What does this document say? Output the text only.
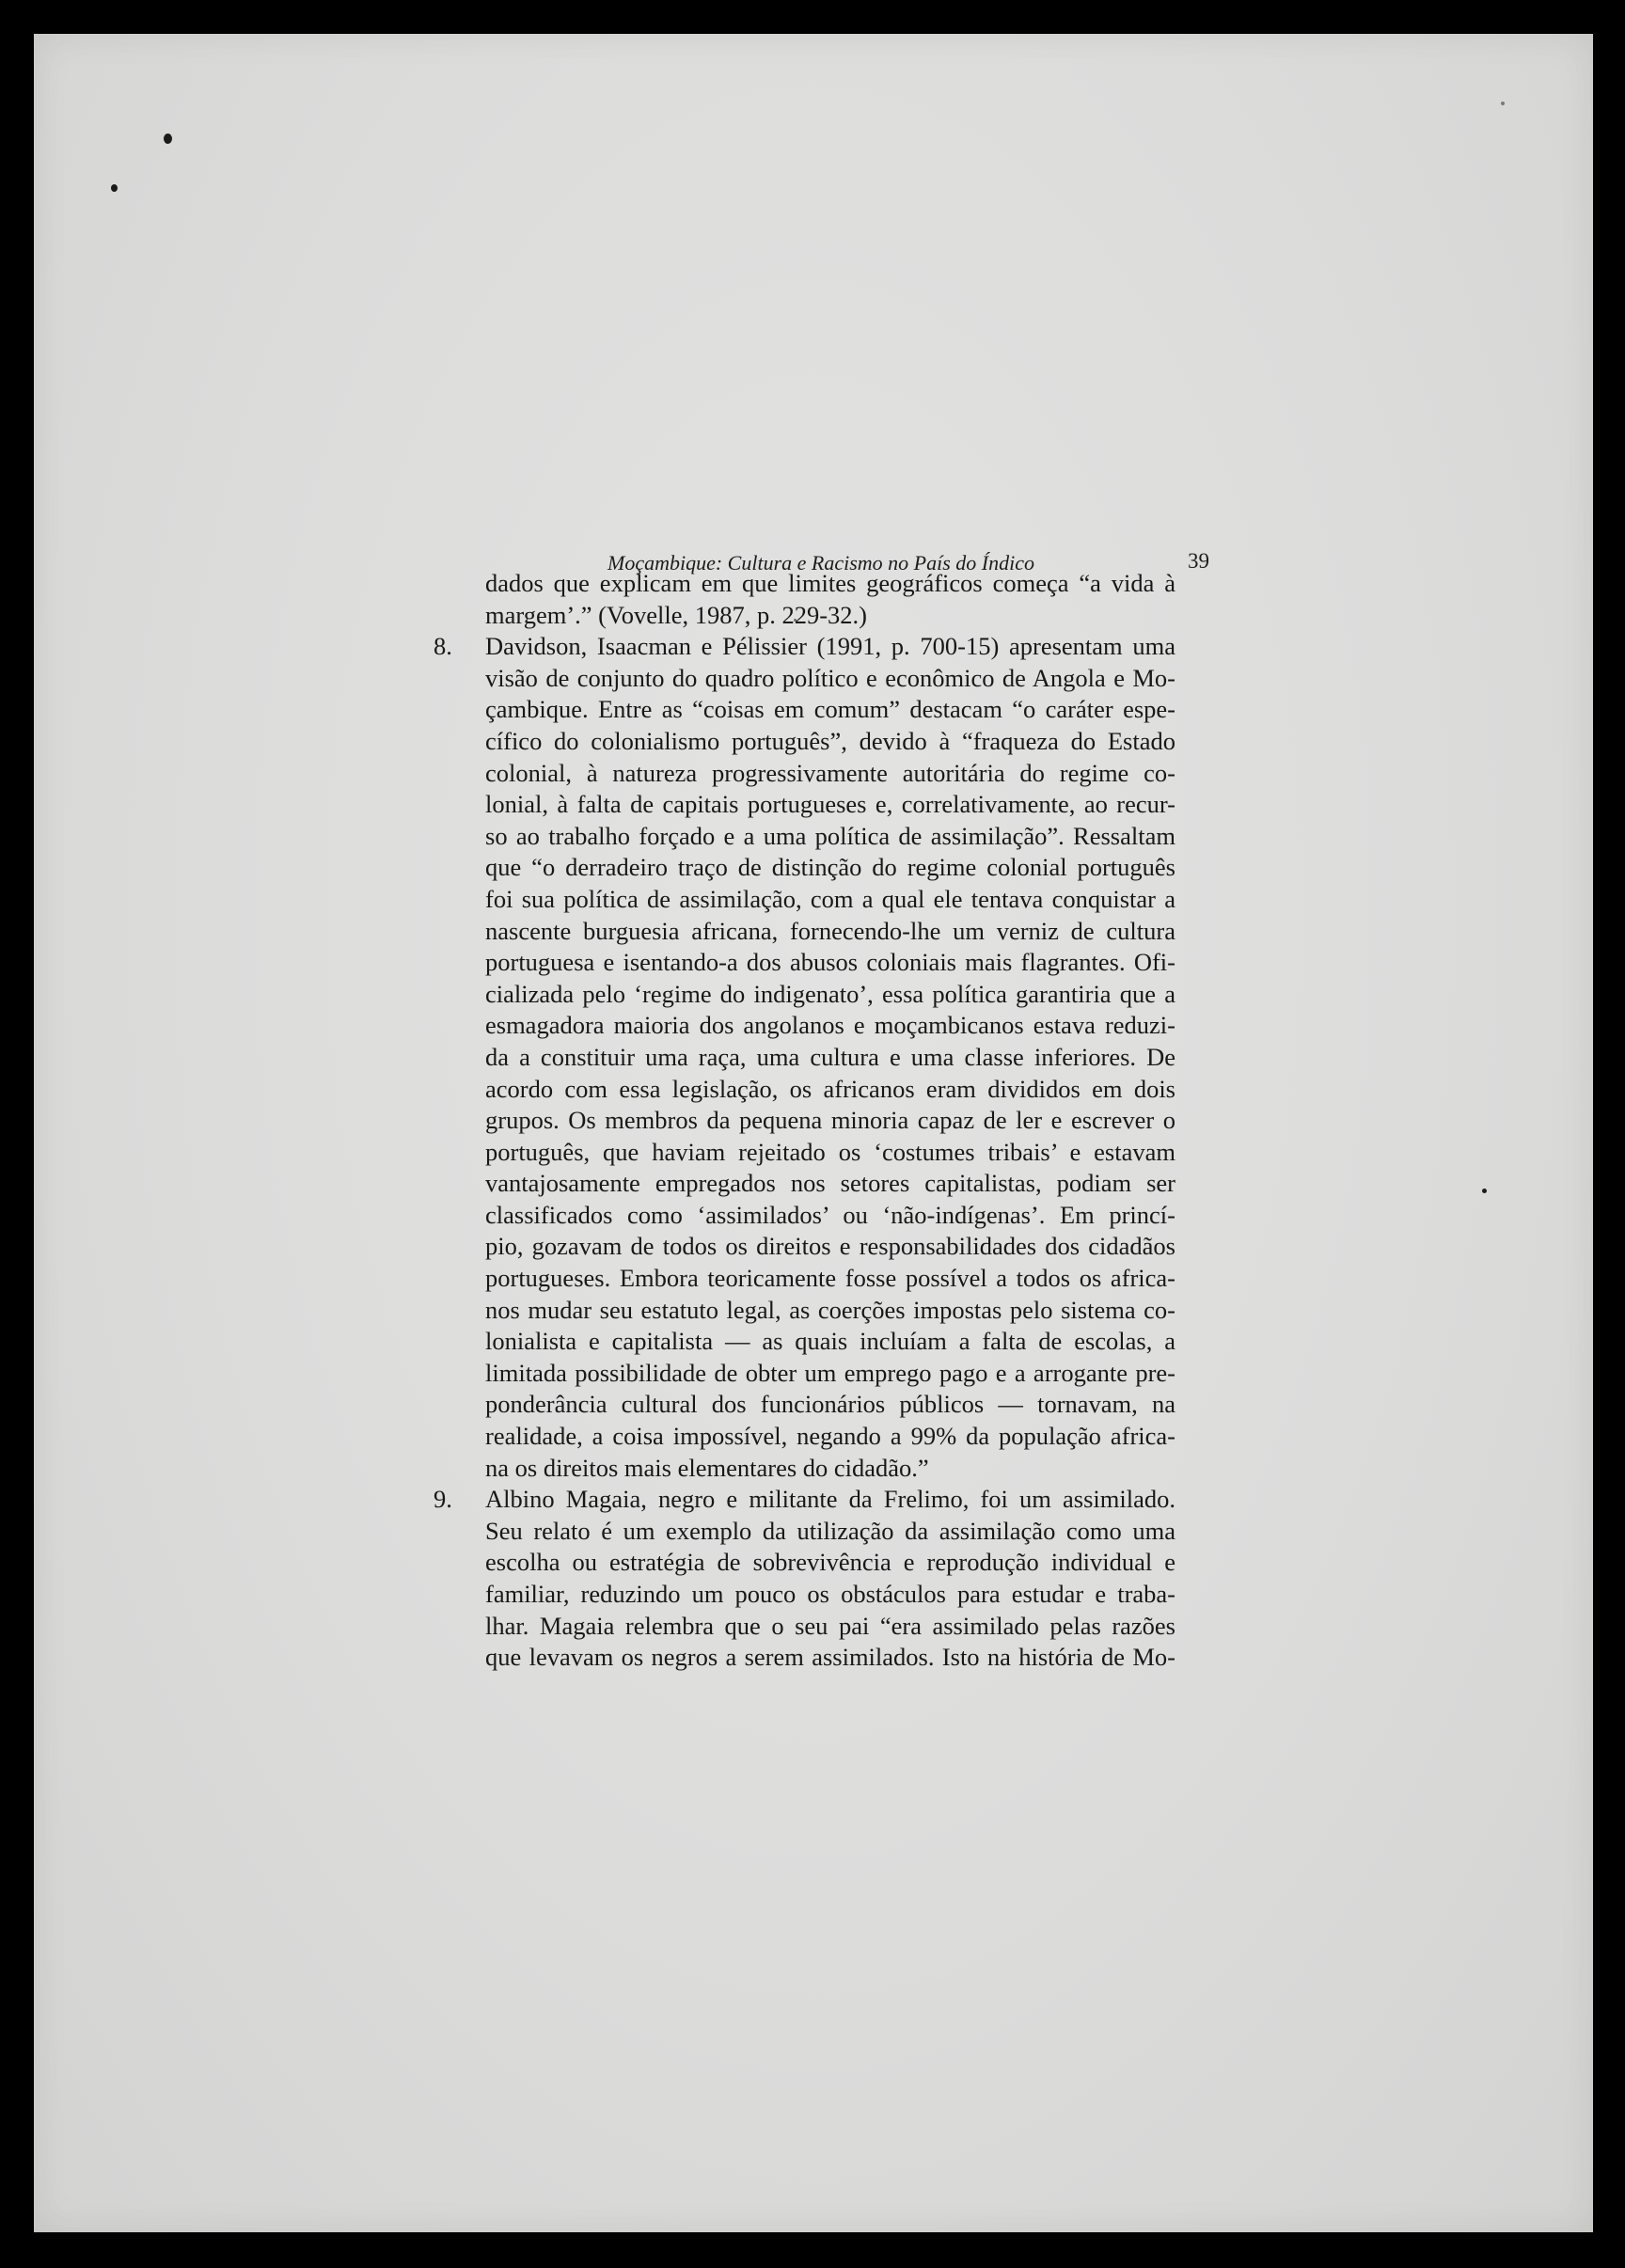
Moçambique: Cultura e Racismo no País do Índico	39
dados que explicam em que limites geográficos começa “a vida à
margem’.” (Vovelle, 1987, p. 229-32.)
8. Davidson, Isaacman e Pélissier (1991, p. 700-15) apresentam uma
visão de conjunto do quadro político e econômico de Angola e Mo-
çambique. Entre as “coisas em comum” destacam “o caráter espe-
cífico do colonialismo português”, devido à “fraqueza do Estado
colonial, à natureza progressivamente autoritária do regime co-
lonial, à falta de capitais portugueses e, correlativamente, ao recur-
so ao trabalho forçado e a uma política de assimilação”. Ressaltam
que “o derradeiro traço de distinção do regime colonial português
foi sua política de assimilação, com a qual ele tentava conquistar a
nascente burguesia africana, fornecendo-lhe um verniz de cultura
portuguesa e isentando-a dos abusos coloniais mais flagrantes. Ofi-
cializada pelo ‘regime do indigenato’, essa política garantiria que a
esmagadora maioria dos angolanos e moçambicanos estava reduzi-
da a constituir uma raça, uma cultura e uma classe inferiores. De
acordo com essa legislação, os africanos eram divididos em dois
grupos. Os membros da pequena minoria capaz de ler e escrever o
português, que haviam rejeitado os ‘costumes tribais’ e estavam
vantajosamente empregados nos setores capitalistas, podiam ser
classificados como ‘assimilados’ ou ‘não-indígenas’. Em princí-
pio, gozavam de todos os direitos e responsabilidades dos cidadãos
portugueses. Embora teoricamente fosse possível a todos os africa-
nos mudar seu estatuto legal, as coerções impostas pelo sistema co-
lonialista e capitalista — as quais incluíam a falta de escolas, a
limitada possibilidade de obter um emprego pago e a arrogante pre-
ponderância cultural dos funcionários públicos — tornavam, na
realidade, a coisa impossível, negando a 99% da população africa-
na os direitos mais elementares do cidadão.”
9. Albino Magaia, negro e militante da Frelimo, foi um assimilado.
Seu relato é um exemplo da utilização da assimilação como uma
escolha ou estratégia de sobrevivência e reprodução individual e
familiar, reduzindo um pouco os obstáculos para estudar e traba-
lhar. Magaia relembra que o seu pai “era assimilado pelas razões
que levavam os negros a serem assimilados. Isto na história de Mo-
